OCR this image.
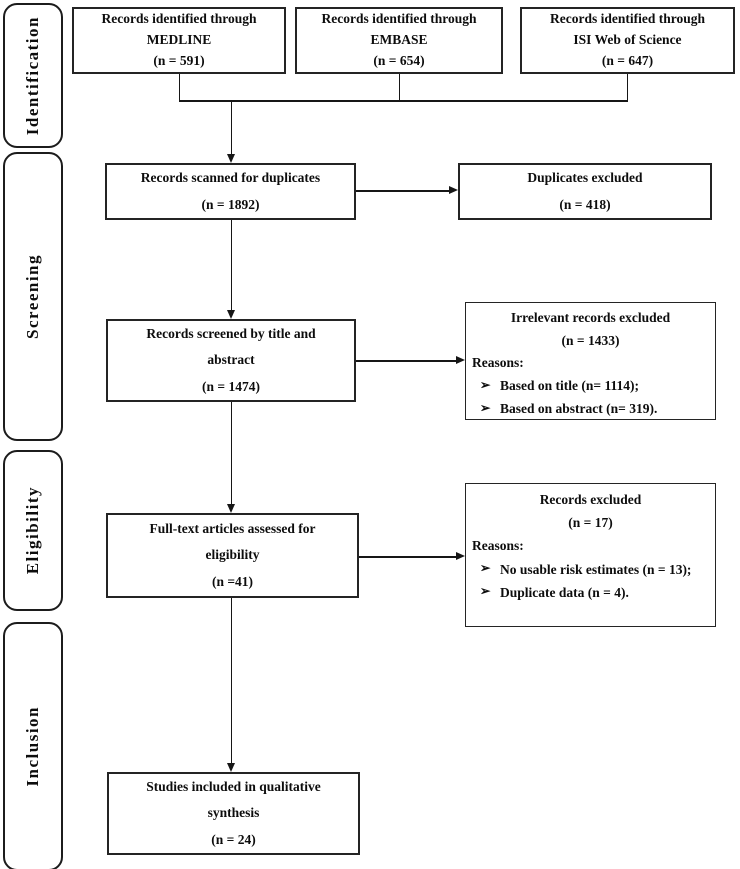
Identification
Screening
Eligibility
Inclusion
Records identified through
MEDLINE
(n = 591)
Records identified through
EMBASE
(n = 654)
Records identified through
ISI Web of Science
(n = 647)
Records scanned for duplicates
(n = 1892)
Duplicates excluded
(n = 418)
Records screened by title and
abstract
(n = 1474)
Irrelevant records excluded
(n = 1433)
Reasons:
➢ Based on title (n= 1114);
➢ Based on abstract (n= 319).
Full-text articles assessed for
eligibility
(n =41)
Records excluded
(n = 17)
Reasons:
➢ No usable risk estimates (n = 13);
➢ Duplicate data (n = 4).
Studies included in qualitative
synthesis
(n = 24)
